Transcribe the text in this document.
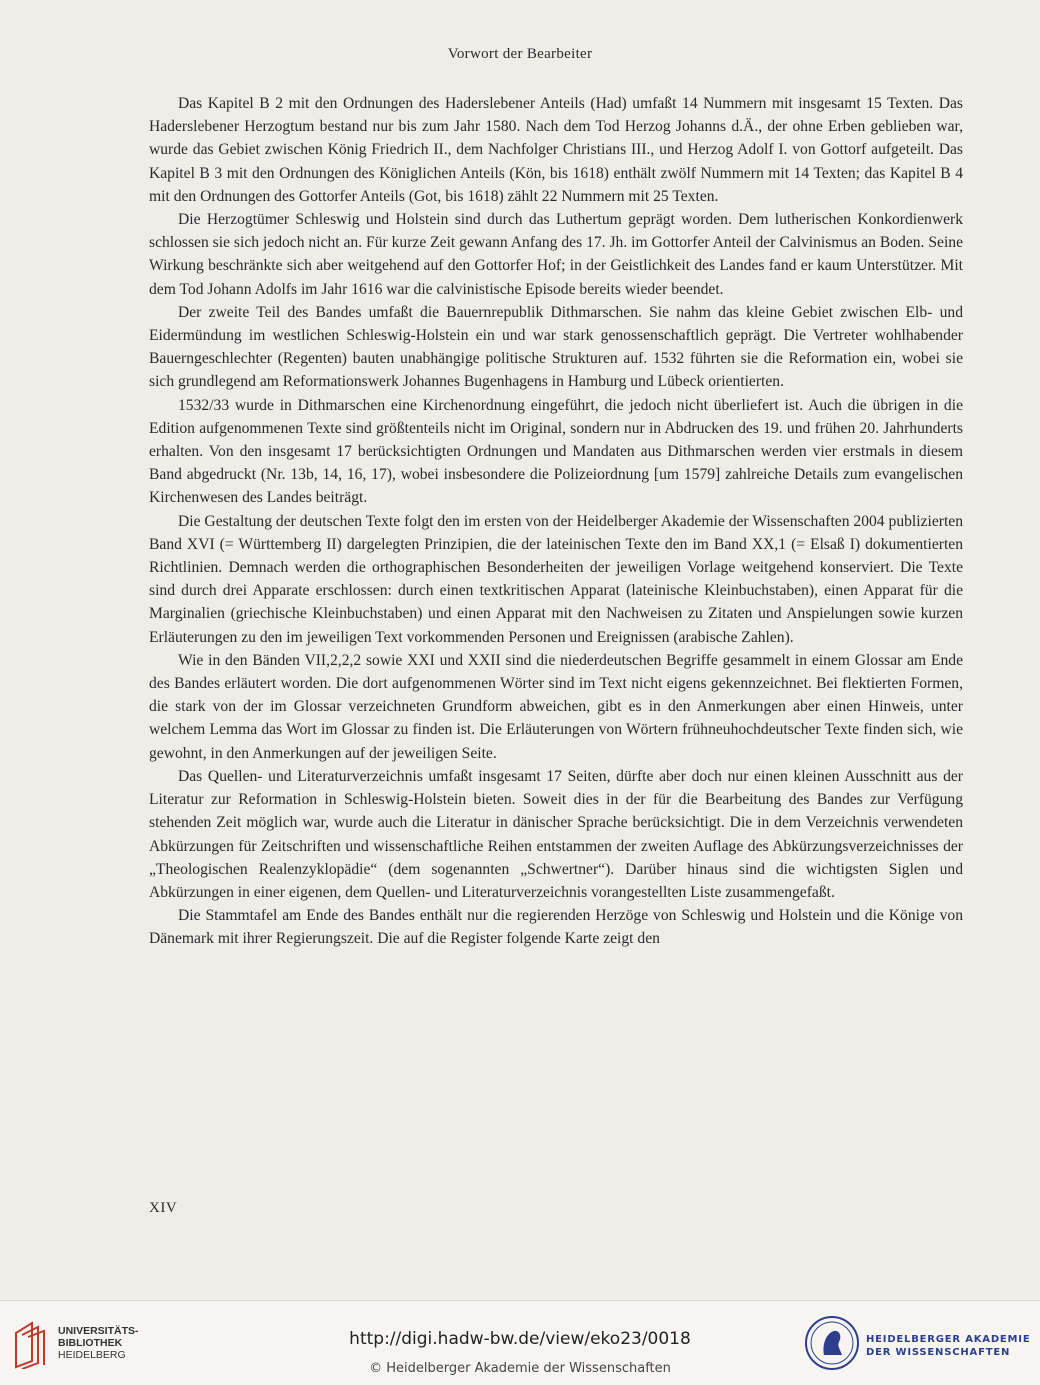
Vorwort der Bearbeiter

Das Kapitel B 2 mit den Ordnungen des Haderslebener Anteils (Had) umfaßt 14 Nummern mit insgesamt 15 Texten. Das Haderslebener Herzogtum bestand nur bis zum Jahr 1580. Nach dem Tod Herzog Johanns d.Ä., der ohne Erben geblieben war, wurde das Gebiet zwischen König Friedrich II., dem Nachfolger Christians III., und Herzog Adolf I. von Gottorf aufgeteilt. Das Kapitel B 3 mit den Ordnungen des Königlichen Anteils (Kön, bis 1618) enthält zwölf Nummern mit 14 Texten; das Kapitel B 4 mit den Ordnungen des Gottorfer Anteils (Got, bis 1618) zählt 22 Nummern mit 25 Texten.

Die Herzogtümer Schleswig und Holstein sind durch das Luthertum geprägt worden. Dem lutherischen Konkordienwerk schlossen sie sich jedoch nicht an. Für kurze Zeit gewann Anfang des 17. Jh. im Gottorfer Anteil der Calvinismus an Boden. Seine Wirkung beschränkte sich aber weitgehend auf den Gottorfer Hof; in der Geistlichkeit des Landes fand er kaum Unterstützer. Mit dem Tod Johann Adolfs im Jahr 1616 war die calvinistische Episode bereits wieder beendet.

Der zweite Teil des Bandes umfaßt die Bauernrepublik Dithmarschen. Sie nahm das kleine Gebiet zwischen Elb- und Eidermündung im westlichen Schleswig-Holstein ein und war stark genossenschaftlich geprägt. Die Vertreter wohlhabender Bauerngeschlechter (Regenten) bauten unabhängige politische Strukturen auf. 1532 führten sie die Reformation ein, wobei sie sich grundlegend am Reformationswerk Johannes Bugenhagens in Hamburg und Lübeck orientierten.

1532/33 wurde in Dithmarschen eine Kirchenordnung eingeführt, die jedoch nicht überliefert ist. Auch die übrigen in die Edition aufgenommenen Texte sind größtenteils nicht im Original, sondern nur in Abdrucken des 19. und frühen 20. Jahrhunderts erhalten. Von den insgesamt 17 berücksichtigten Ordnungen und Mandaten aus Dithmarschen werden vier erstmals in diesem Band abgedruckt (Nr. 13b, 14, 16, 17), wobei insbesondere die Polizeiordnung [um 1579] zahlreiche Details zum evangelischen Kirchenwesen des Landes beiträgt.

Die Gestaltung der deutschen Texte folgt den im ersten von der Heidelberger Akademie der Wissenschaften 2004 publizierten Band XVI (= Württemberg II) dargelegten Prinzipien, die der lateinischen Texte den im Band XX,1 (= Elsaß I) dokumentierten Richtlinien. Demnach werden die orthographischen Besonderheiten der jeweiligen Vorlage weitgehend konserviert. Die Texte sind durch drei Apparate erschlossen: durch einen textkritischen Apparat (lateinische Kleinbuchstaben), einen Apparat für die Marginalien (griechische Kleinbuchstaben) und einen Apparat mit den Nachweisen zu Zitaten und Anspielungen sowie kurzen Erläuterungen zu den im jeweiligen Text vorkommenden Personen und Ereignissen (arabische Zahlen).

Wie in den Bänden VII,2,2,2 sowie XXI und XXII sind die niederdeutschen Begriffe gesammelt in einem Glossar am Ende des Bandes erläutert worden. Die dort aufgenommenen Wörter sind im Text nicht eigens gekennzeichnet. Bei flektierten Formen, die stark von der im Glossar verzeichneten Grundform abweichen, gibt es in den Anmerkungen aber einen Hinweis, unter welchem Lemma das Wort im Glossar zu finden ist. Die Erläuterungen von Wörtern frühneuhochdeutscher Texte finden sich, wie gewohnt, in den Anmerkungen auf der jeweiligen Seite.

Das Quellen- und Literaturverzeichnis umfaßt insgesamt 17 Seiten, dürfte aber doch nur einen kleinen Ausschnitt aus der Literatur zur Reformation in Schleswig-Holstein bieten. Soweit dies in der für die Bearbeitung des Bandes zur Verfügung stehenden Zeit möglich war, wurde auch die Literatur in dänischer Sprache berücksichtigt. Die in dem Verzeichnis verwendeten Abkürzungen für Zeitschriften und wissenschaftliche Reihen entstammen der zweiten Auflage des Abkürzungsverzeichnisses der „Theologischen Realenzyklopädie“ (dem sogenannten „Schwertner“). Darüber hinaus sind die wichtigsten Siglen und Abkürzungen in einer eigenen, dem Quellen- und Literaturverzeichnis vorangestellten Liste zusammengefaßt.

Die Stammtafel am Ende des Bandes enthält nur die regierenden Herzöge von Schleswig und Holstein und die Könige von Dänemark mit ihrer Regierungszeit. Die auf die Register folgende Karte zeigt den

XIV
UNIVERSITÄTS-
BIBLIOTHEK
HEIDELBERG
http://digi.hadw-bw.de/view/eko23/0018
© Heidelberger Akademie der Wissenschaften
HEIDELBERGER AKADEMIE
DER WISSENSCHAFTEN
